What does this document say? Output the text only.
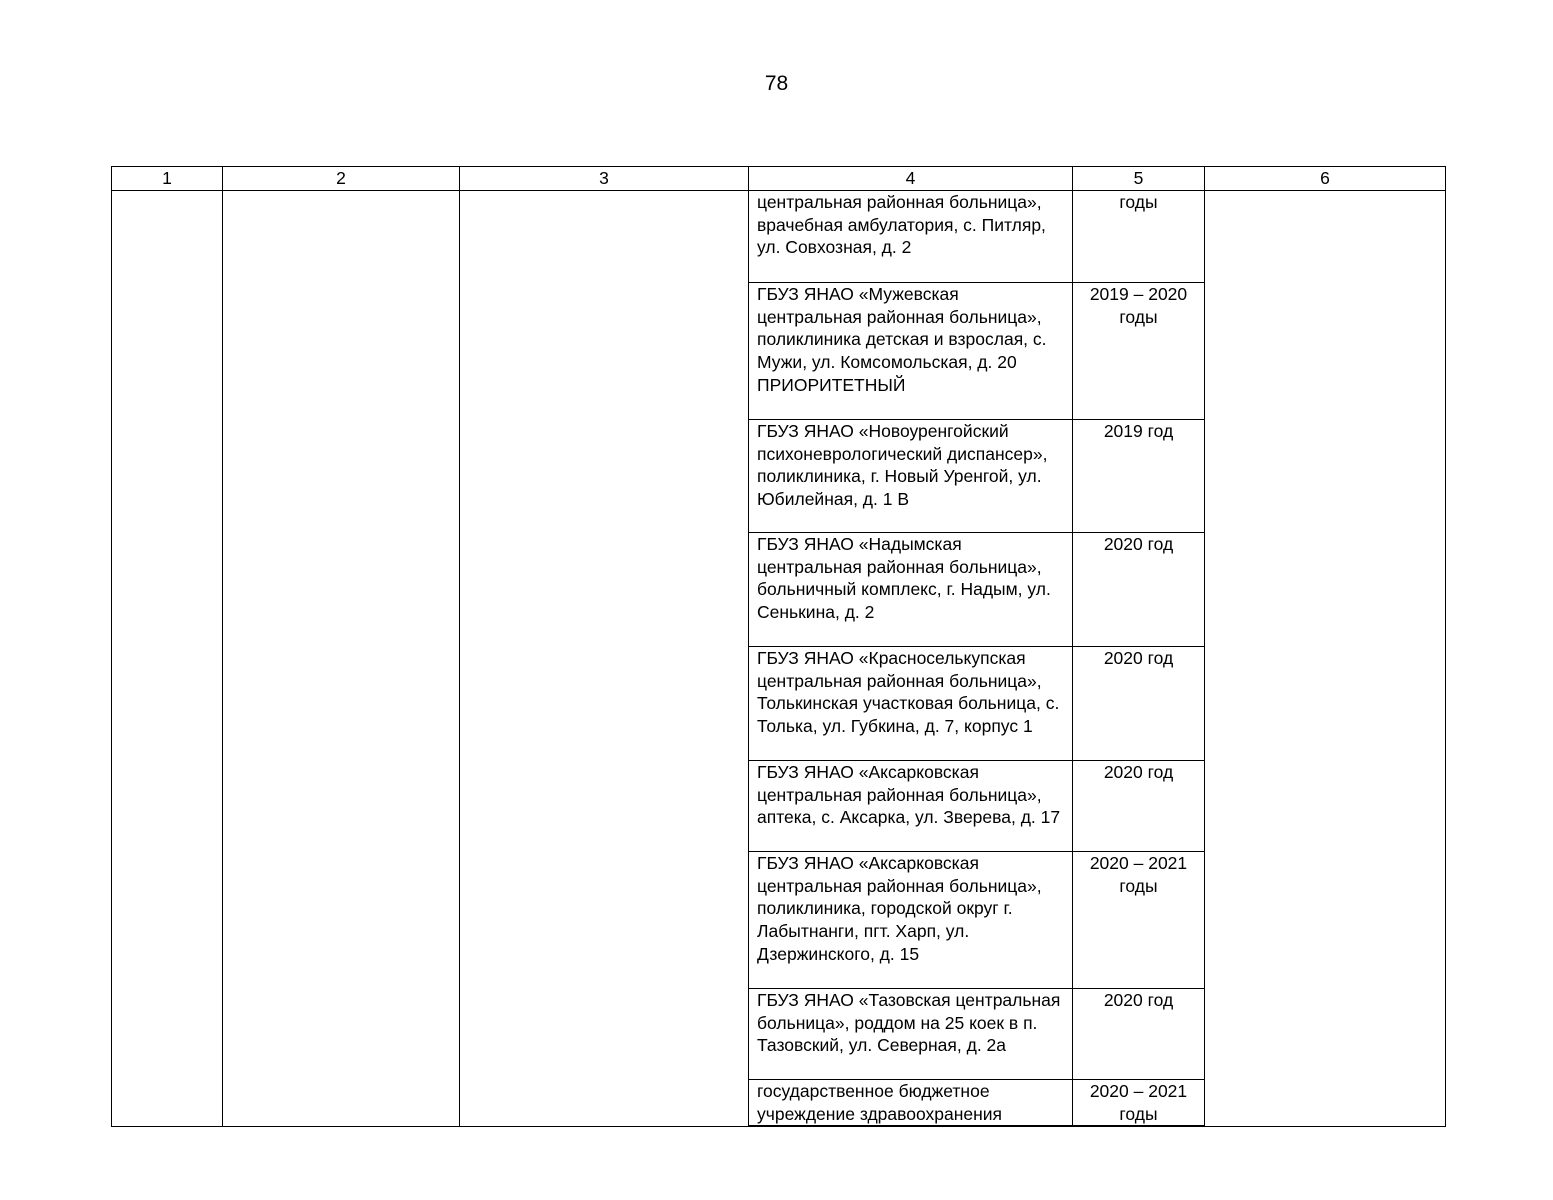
78
1	2	3	4	5	6
			центральная районная больница», врачебная амбулатория, с. Питляр, ул. Совхозная, д. 2	годы	
			ГБУЗ ЯНАО «Мужевская центральная районная больница», поликлиника детская и взрослая, с. Мужи, ул. Комсомольская, д. 20 ПРИОРИТЕТНЫЙ	2019 – 2020 годы	
			ГБУЗ ЯНАО «Новоуренгойский психоневрологический диспансер», поликлиника, г. Новый Уренгой, ул. Юбилейная, д. 1 В	2019 год	
			ГБУЗ ЯНАО «Надымская центральная районная больница», больничный комплекс, г. Надым, ул. Сенькина, д. 2	2020 год	
			ГБУЗ ЯНАО «Красноселькупская центральная районная больница», Толькинская участковая больница, с. Толька, ул. Губкина, д. 7, корпус 1	2020 год	
			ГБУЗ ЯНАО «Аксарковская центральная районная больница», аптека, с. Аксарка, ул. Зверева, д. 17	2020 год	
			ГБУЗ ЯНАО «Аксарковская центральная районная больница», поликлиника, городской округ г. Лабытнанги, пгт. Харп, ул. Дзержинского, д. 15	2020 – 2021 годы	
			ГБУЗ ЯНАО «Тазовская центральная больница», роддом на 25 коек в п. Тазовский, ул. Северная, д. 2а	2020 год	
			государственное бюджетное учреждение здравоохранения	2020 – 2021 годы	
